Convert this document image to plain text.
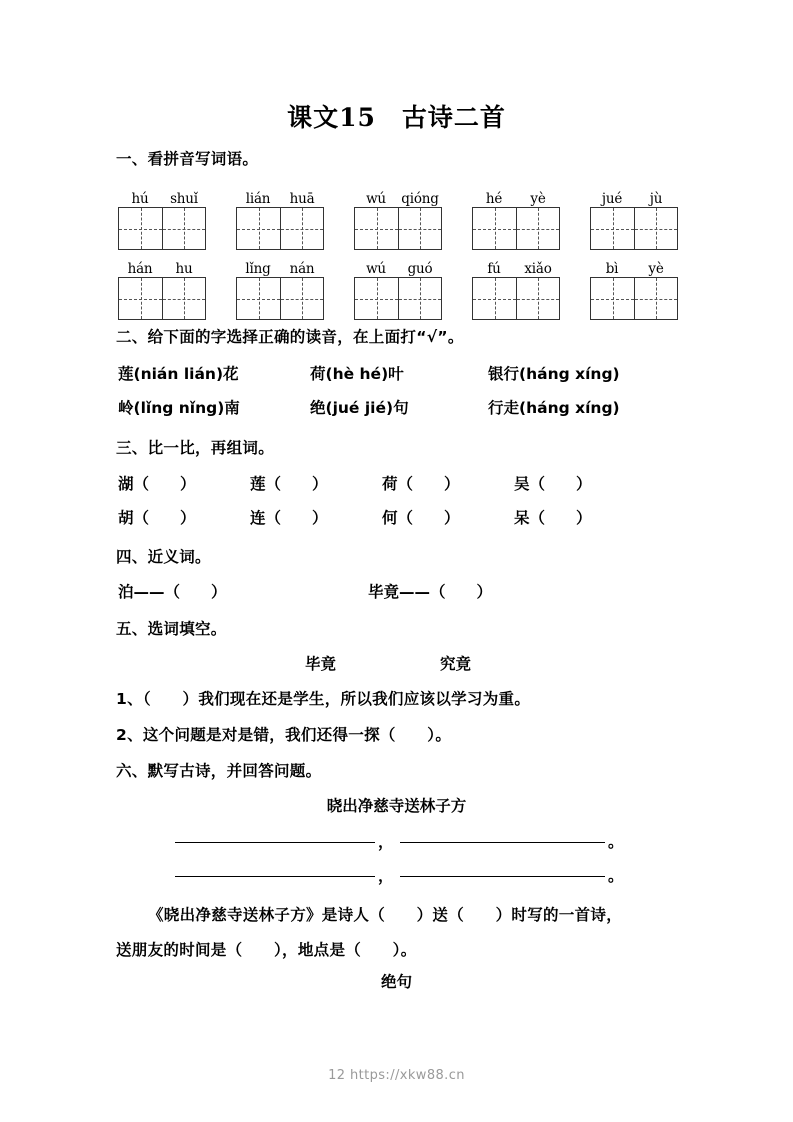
课文15　古诗二首
一、看拼音写词语。
hú	shuǐ	lián	huā	wú	qióng	hé	yè	jué	jù
hán	hu	lǐng	nán	wú	guó	fú	xiǎo	bì	yè
二、给下面的字选择正确的读音，在上面打“√”。
莲(nián lián)花	荷(hè hé)叶	银行(háng xíng)
岭(lǐng nǐng)南	绝(jué jié)句	行走(háng xíng)
三、比一比，再组词。
湖（　　）	莲（　　）	荷（　　）	吴（　　）
胡（　　）	连（　　）	何（　　）	呆（　　）
四、近义词。
泊——（　　）	毕竟——（　　）
五、选词填空。
毕竟	究竟
1、（　　）我们现在还是学生，所以我们应该以学习为重。
2、这个问题是对是错，我们还得一探（　　）。
六、默写古诗，并回答问题。
晓出净慈寺送林子方
，	。
，	。
《晓出净慈寺送林子方》是诗人（　　）送（　　）时写的一首诗，
送朋友的时间是（　　），地点是（　　）。
绝句
12 https://xkw88.cn
